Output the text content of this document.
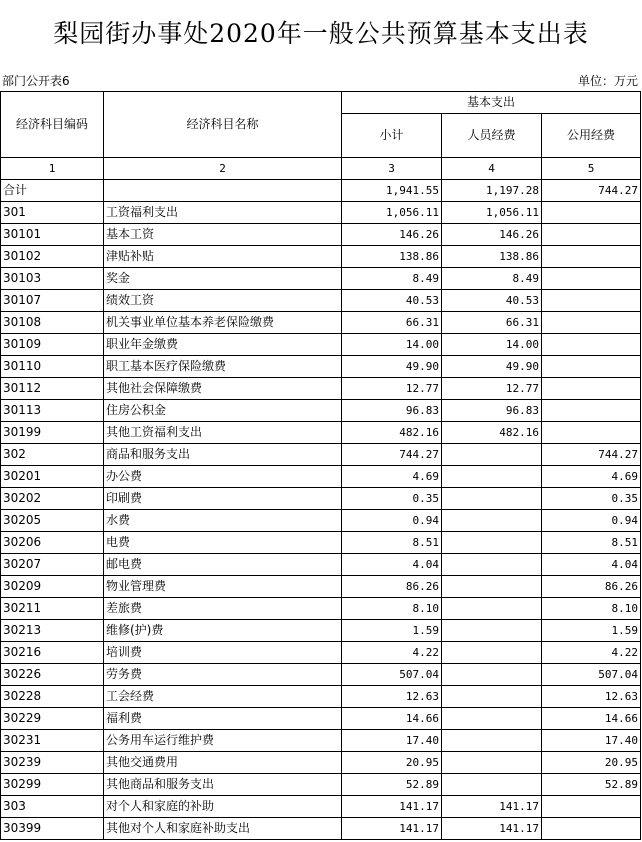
梨园街办事处2020年一般公共预算基本支出表
部门公开表6	单位：万元
经济科目编码	经济科目名称	基本支出		
		小计	人员经费	公用经费
1	2	3	4	5
合计		1,941.55	1,197.28	744.27
301	工资福利支出	1,056.11	1,056.11	
30101	基本工资	146.26	146.26	
30102	津贴补贴	138.86	138.86	
30103	奖金	8.49	8.49	
30107	绩效工资	40.53	40.53	
30108	机关事业单位基本养老保险缴费	66.31	66.31	
30109	职业年金缴费	14.00	14.00	
30110	职工基本医疗保险缴费	49.90	49.90	
30112	其他社会保障缴费	12.77	12.77	
30113	住房公积金	96.83	96.83	
30199	其他工资福利支出	482.16	482.16	
302	商品和服务支出	744.27		744.27
30201	办公费	4.69		4.69
30202	印刷费	0.35		0.35
30205	水费	0.94		0.94
30206	电费	8.51		8.51
30207	邮电费	4.04		4.04
30209	物业管理费	86.26		86.26
30211	差旅费	8.10		8.10
30213	维修(护)费	1.59		1.59
30216	培训费	4.22		4.22
30226	劳务费	507.04		507.04
30228	工会经费	12.63		12.63
30229	福利费	14.66		14.66
30231	公务用车运行维护费	17.40		17.40
30239	其他交通费用	20.95		20.95
30299	其他商品和服务支出	52.89		52.89
303	对个人和家庭的补助	141.17	141.17	
30399	其他对个人和家庭补助支出	141.17	141.17	
